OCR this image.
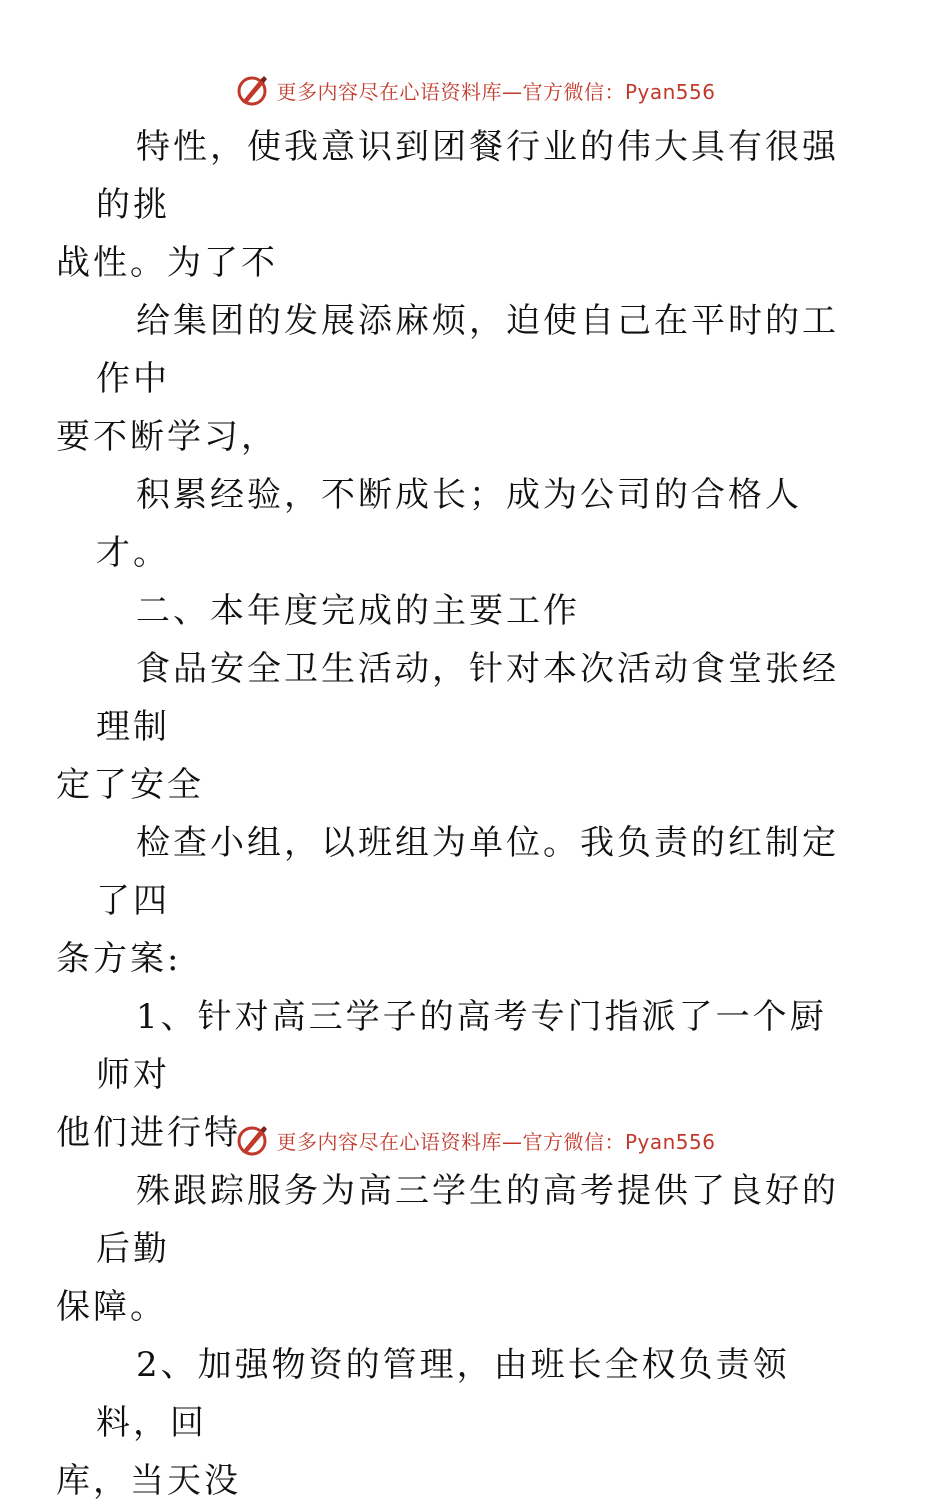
更多内容尽在心语资料库—官方微信：Pyan556

特性，使我意识到团餐行业的伟大具有很强的挑
战性。为了不

给集团的发展添麻烦，迫使自己在平时的工作中
要不断学习，

积累经验，不断成长；成为公司的合格人才。

二、本年度完成的主要工作

食品安全卫生活动，针对本次活动食堂张经理制
定了安全

检查小组，以班组为单位。我负责的红制定了四
条方案:

1、针对高三学子的高考专门指派了一个厨师对
他们进行特

殊跟踪服务为高三学生的高考提供了良好的后勤
保障。

2、加强物资的管理，由班长全权负责领料，回
库，当天没

更多内容尽在心语资料库—官方微信：Pyan556
